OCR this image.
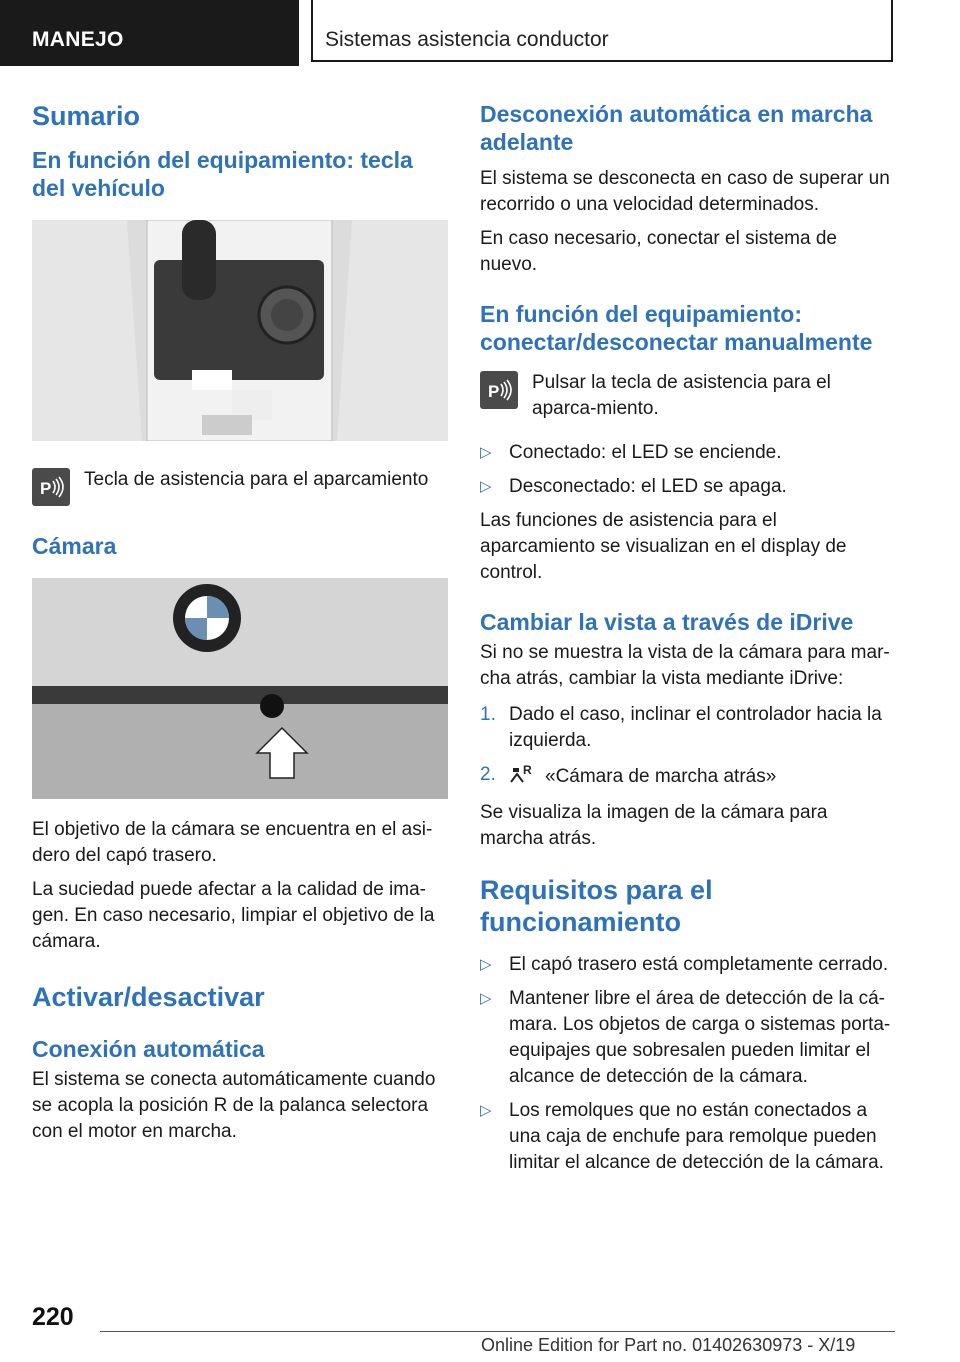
MANEJO	Sistemas asistencia conductor
Sumario
En función del equipamiento: tecla del vehículo
P Tecla de asistencia para el aparcamiento

Cámara

El objetivo de la cámara se encuentra en el asi-dero del capó trasero.

La suciedad puede afectar a la calidad de ima-gen. En caso necesario, limpiar el objetivo de la cámara.

Activar/desactivar
Conexión automática

El sistema se conecta automáticamente cuando se acopla la posición R de la palanca selectora con el motor en marcha.

Desconexión automática en marcha adelante

El sistema se desconecta en caso de superar un recorrido o una velocidad determinados.

En caso necesario, conectar el sistema de nuevo.

En función del equipamiento: conectar/desconectar manualmente
P Pulsar la tecla de asistencia para el aparca-miento.

▷ Conectado: el LED se enciende.

▷ Desconectado: el LED se apaga.

Las funciones de asistencia para el aparcamiento se visualizan en el display de control.

Cambiar la vista a través de iDrive

Si no se muestra la vista de la cámara para mar-cha atrás, cambiar la vista mediante iDrive:

1. Dado el caso, inclinar el controlador hacia la izquierda.

2.	R «Cámara de marcha atrás»

Se visualiza la imagen de la cámara para marcha atrás.

Requisitos para el funcionamiento
▷ El capó trasero está completamente cerrado.

▷ Mantener libre el área de detección de la cá-mara. Los objetos de carga o sistemas porta-equipajes que sobresalen pueden limitar el alcance de detección de la cámara.

▷ Los remolques que no están conectados a una caja de enchufe para remolque pueden limitar el alcance de detección de la cámara.

220
Online Edition for Part no. 01402630973 - X/19
